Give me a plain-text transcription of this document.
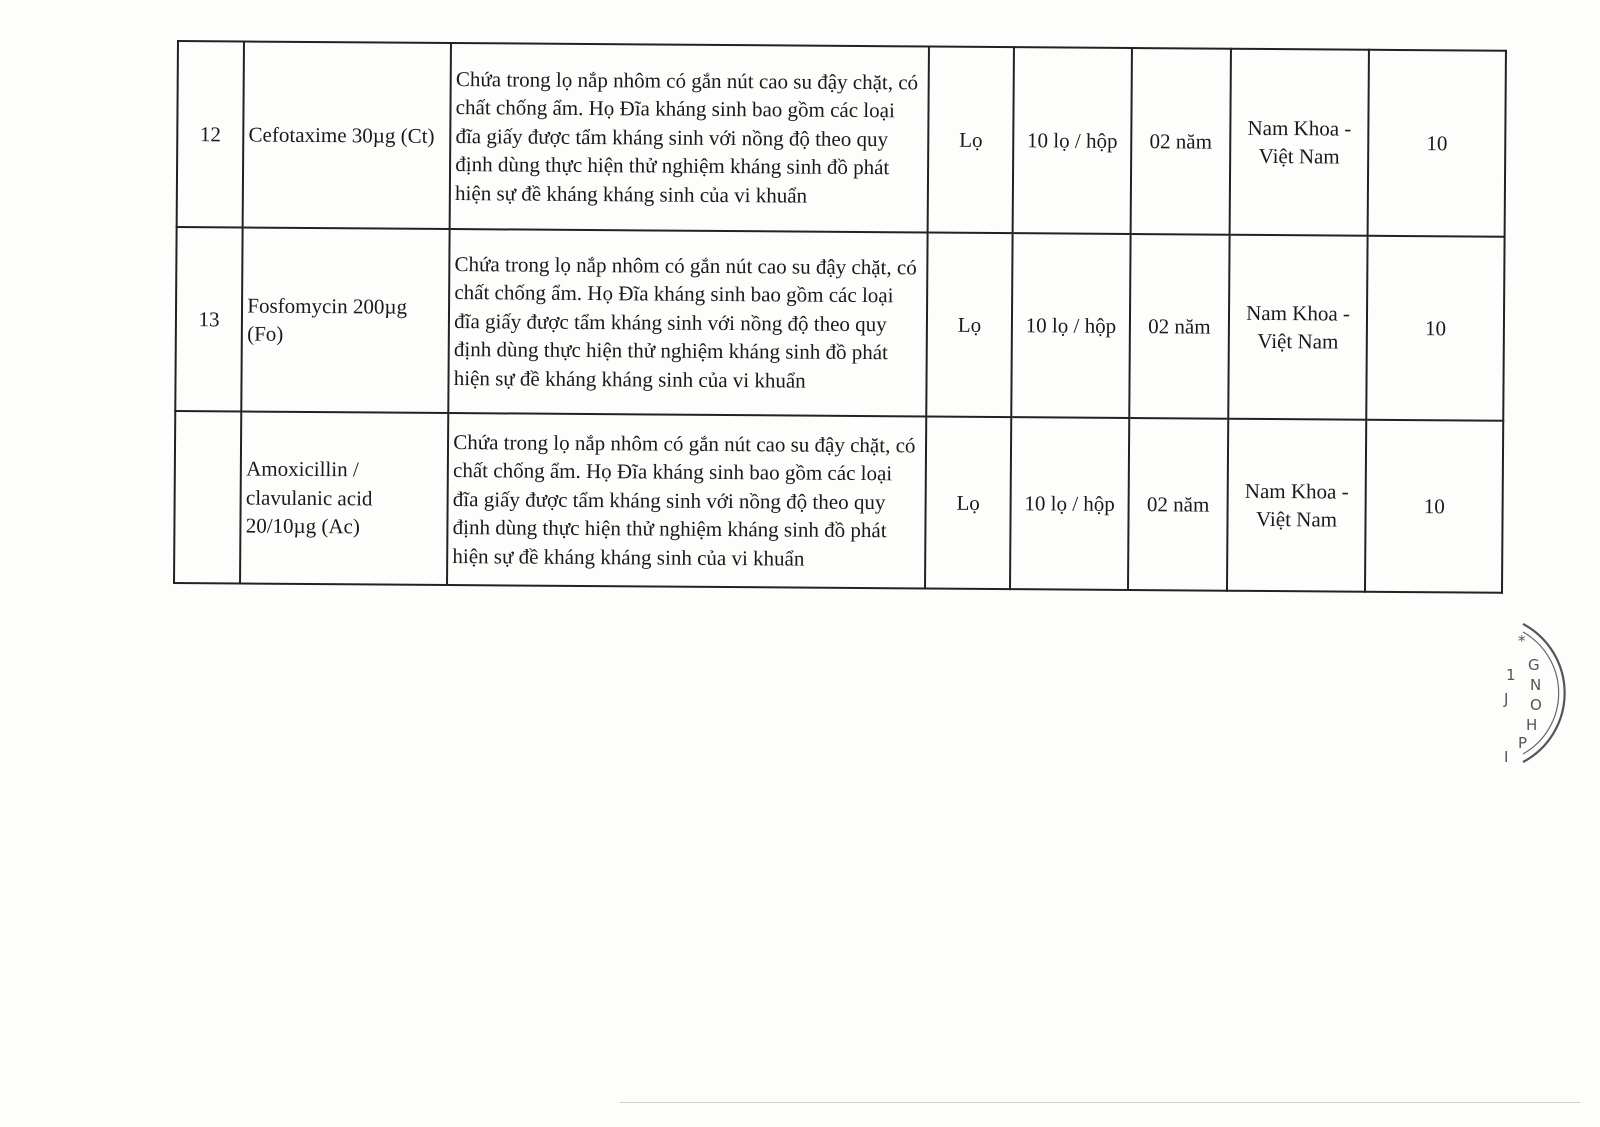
12	Cefotaxime 30µg (Ct)	Chứa trong lọ nắp nhôm có gắn nút cao su đậy chặt, có chất chống ẩm. Họ Đĩa kháng sinh bao gồm các loại đĩa giấy được tẩm kháng sinh với nồng độ theo quy định dùng thực hiện thử nghiệm kháng sinh đồ phát hiện sự đề kháng kháng sinh của vi khuẩn	Lọ	10 lọ / hộp	02 năm	Nam Khoa - Việt Nam	10
13	Fosfomycin 200µg (Fo)	Chứa trong lọ nắp nhôm có gắn nút cao su đậy chặt, có chất chống ẩm. Họ Đĩa kháng sinh bao gồm các loại đĩa giấy được tẩm kháng sinh với nồng độ theo quy định dùng thực hiện thử nghiệm kháng sinh đồ phát hiện sự đề kháng kháng sinh của vi khuẩn	Lọ	10 lọ / hộp	02 năm	Nam Khoa - Việt Nam	10
	Amoxicillin / clavulanic acid 20/10µg (Ac)	Chứa trong lọ nắp nhôm có gắn nút cao su đậy chặt, có chất chống ẩm. Họ Đĩa kháng sinh bao gồm các loại đĩa giấy được tẩm kháng sinh với nồng độ theo quy định dùng thực hiện thử nghiệm kháng sinh đồ phát hiện sự đề kháng kháng sinh của vi khuẩn	Lọ	10 lọ / hộp	02 năm	Nam Khoa - Việt Nam	10
* G N O H P I 1 J
